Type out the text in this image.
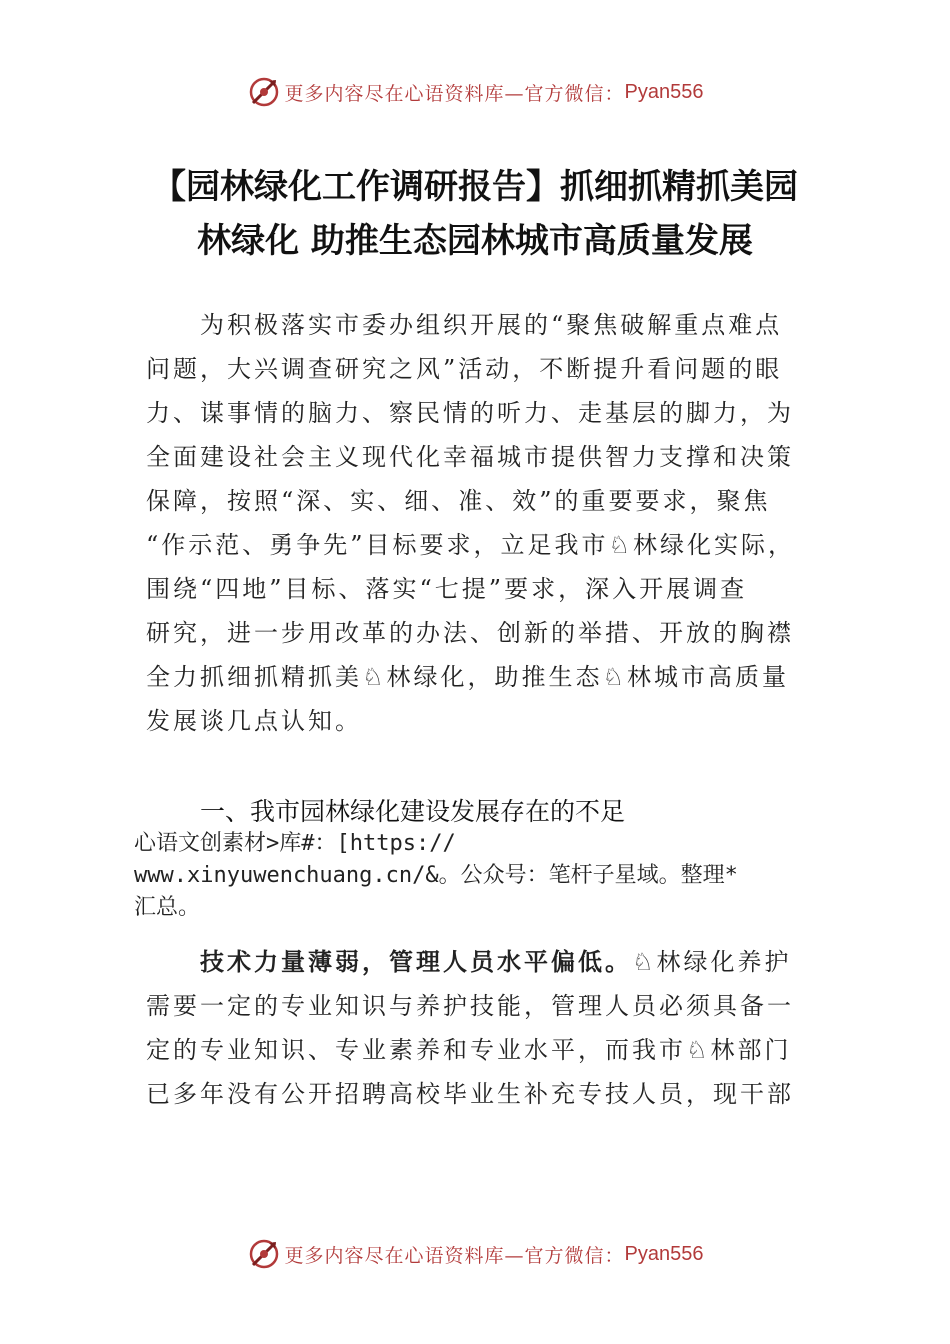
更多内容尽在心语资料库—官方微信： Pyan556
【园林绿化工作调研报告】抓细抓精抓美园
林绿化 助推生态园林城市高质量发展

　　为积极落实市委办组织开展的“聚焦破解重点难点
问题，大兴调查研究之风”活动，不断提升看问题的眼
力、谋事情的脑力、察民情的听力、走基层的脚力，为
全面建设社会主义现代化幸福城市提供智力支撑和决策
保障，按照“深、实、细、准、效”的重要要求，聚焦
“作示范、勇争先”目标要求，立足我市♘林绿化实际，
围绕“四地”目标、落实“七提”要求，深入开展调查
研究，进一步用改革的办法、创新的举措、开放的胸襟
全力抓细抓精抓美♘林绿化，助推生态♘林城市高质量
发展谈几点认知。

一、我市园林绿化建设发展存在的不足
心语文创素材>库#：[https://
www.xinyuwenchuang.cn/&。公众号：笔杆子星域。整理*
汇总。

　　技术力量薄弱，管理人员水平偏低。♘林绿化养护
需要一定的专业知识与养护技能，管理人员必须具备一
定的专业知识、专业素养和专业水平，而我市♘林部门
已多年没有公开招聘高校毕业生补充专技人员，现干部

更多内容尽在心语资料库—官方微信： Pyan556
